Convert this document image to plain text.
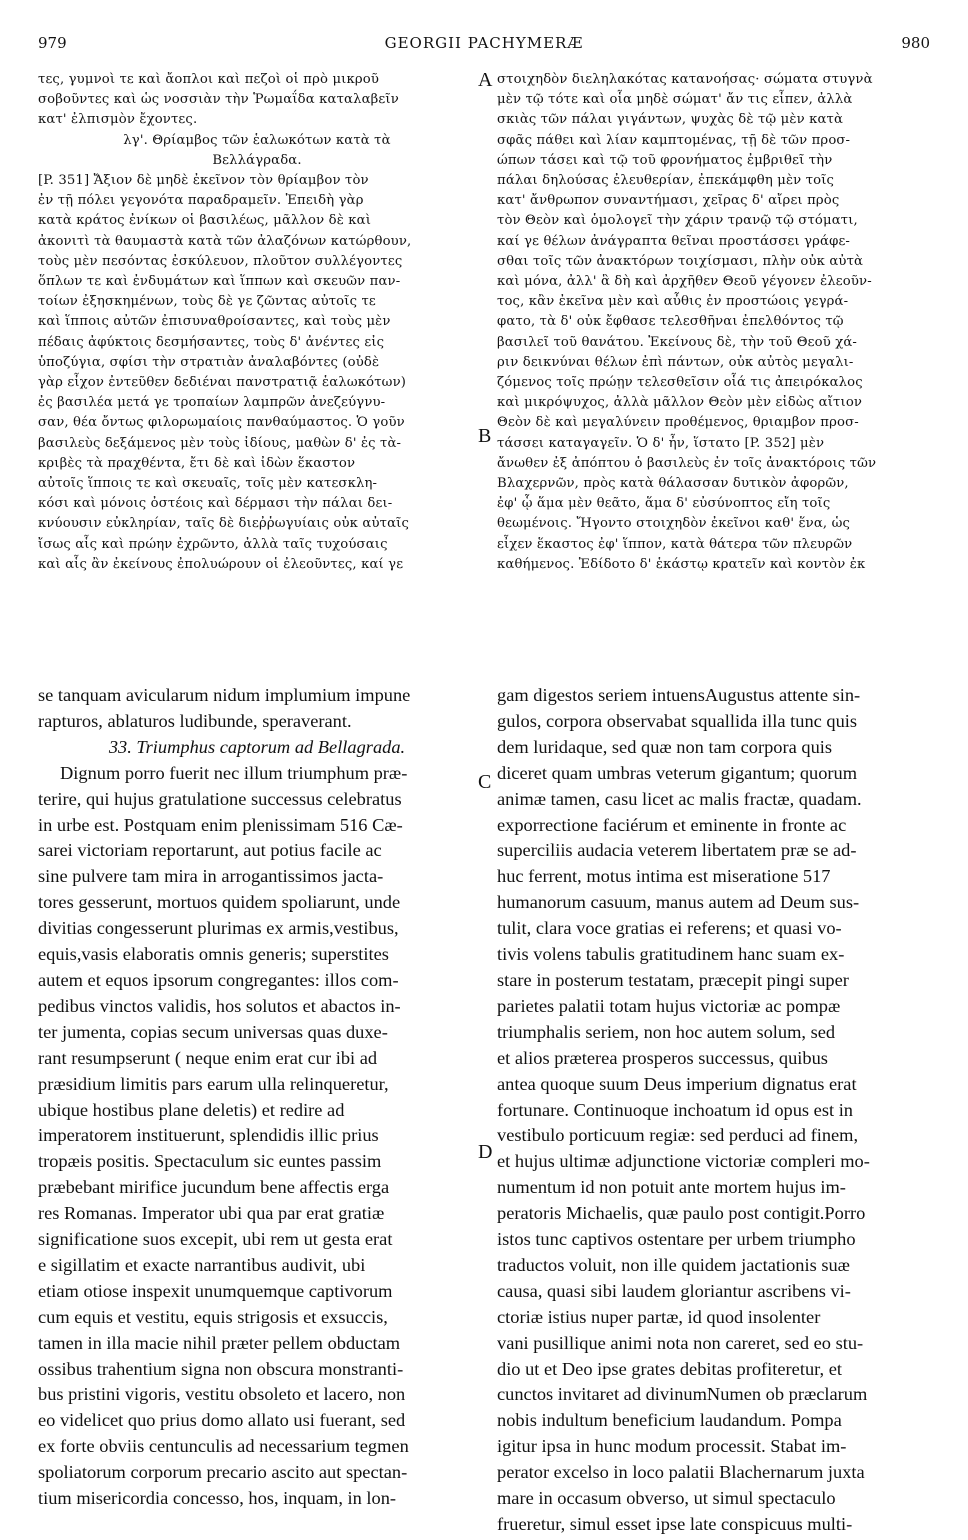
979	GEORGII PACHYMERÆ	980
τες, γυμνοὶ τε καὶ ἄοπλοι καὶ πεζοὶ οἱ πρὸ μικροῦ
σοβοῦντες καὶ ὡς νοσσιὰν τὴν Ῥωμαΐδα καταλαβεῖν
κατ' ἐλπισμὸν ἔχοντες.
λγ'. Θρίαμβος τῶν ἑαλωκότων κατὰ τὰ
Βελλάγραδα.
[P. 351] Ἄξιον δὲ μηδὲ ἐκεῖνον τὸν θρίαμβον τὸν
ἐν τῇ πόλει γεγονότα παραδραμεῖν. Ἐπειδὴ γὰρ
κατὰ κράτος ἐνίκων οἱ βασιλέως, μᾶλλον δὲ καὶ
ἀκονιτὶ τὰ θαυμαστὰ κατὰ τῶν ἀλαζόνων κατώρθουν,
τοὺς μὲν πεσόντας ἐσκύλευον, πλοῦτον συλλέγοντες
ὅπλων τε καὶ ἐνδυμάτων καὶ ἵππων καὶ σκευῶν παν-
τοίων ἐξησκημένων, τοὺς δὲ γε ζῶντας αὐτοῖς τε
καὶ ἵπποις αὐτῶν ἐπισυναθροίσαντες, καὶ τοὺς μὲν
πέδαις ἀφύκτοις δεσμήσαντες, τοὺς δ' ἀνέντες εἰς
ὑποζύγια, σφίσι τὴν στρατιὰν ἀναλαβόντες (οὐδὲ
γὰρ εἶχον ἐντεῦθεν δεδιέναι πανστρατιᾷ ἑαλωκότων)
ἐς βασιλέα μετά γε τροπαίων λαμπρῶν ἀνεζεύγνυ-
σαν, θέα ὄντως φιλορωμαίοις πανθαύμαστος. Ὁ γοῦν
βασιλεὺς δεξάμενος μὲν τοὺς ἰδίους, μαθὼν δ' ἐς τὰ-
κριβὲς τὰ πραχθέντα, ἔτι δὲ καὶ ἰδὼν ἕκαστον
αὐτοῖς ἵπποις τε καὶ σκευαῖς, τοῖς μὲν κατεσκλη-
κόσι καὶ μόνοις ὀστέοις καὶ δέρμασι τὴν πάλαι δει-
κνύουσιν εὐκληρίαν, ταῖς δὲ διεῤῥωγυίαις οὐκ αὐταῖς
ἴσως αἷς καὶ πρώην ἐχρῶντο, ἀλλὰ ταῖς τυχούσαις
καὶ αἷς ἂν ἐκείνους ἐπολυώρουν οἱ ἐλεοῦντες, καί γε
στοιχηδὸν διεληλακότας κατανοήσας· σώματα στυγνὰ
μὲν τῷ τότε καὶ οἷα μηδὲ σώματ' ἄν τις εἶπεν, ἀλλὰ
σκιὰς τῶν πάλαι γιγάντων, ψυχὰς δὲ τῷ μὲν κατὰ
σφᾶς πάθει καὶ λίαν καμπτομένας, τῇ δὲ τῶν προσ-
ώπων τάσει καὶ τῷ τοῦ φρονήματος ἐμβριθεῖ τὴν
πάλαι δηλούσας ἐλευθερίαν, ἐπεκάμφθη μὲν τοῖς
κατ' ἄνθρωπον συναντήμασι, χεῖρας δ' αἴρει πρὸς
τὸν Θεὸν καὶ ὁμολογεῖ τὴν χάριν τρανῷ τῷ στόματι,
καί γε θέλων ἀνάγραπτα θεῖναι προστάσσει γράφε-
σθαι τοῖς τῶν ἀνακτόρων τοιχίσμασι, πλὴν οὐκ αὐτὰ
καὶ μόνα, ἀλλ' ἃ δὴ καὶ ἀρχῆθεν Θεοῦ γέγονεν ἐλεοῦν-
τος, κἂν ἐκεῖνα μὲν καὶ αὖθις ἐν προστώοις γεγρά-
φατο, τὰ δ' οὐκ ἔφθασε τελεσθῆναι ἐπελθόντος τῷ
βασιλεῖ τοῦ θανάτου. Ἐκείνους δὲ, τὴν τοῦ Θεοῦ χά-
ριν δεικνύναι θέλων ἐπὶ πάντων, οὐκ αὐτὸς μεγαλι-
ζόμενος τοῖς πρώῃν τελεσθεῖσιν οἷά τις ἀπειρόκαλος
καὶ μικρόψυχος, ἀλλὰ μᾶλλον Θεὸν μὲν εἰδὼς αἴτιον
Θεὸν δὲ καὶ μεγαλύνειν προθέμενος, θριαμβον προσ-
τάσσει καταγαγεῖν. Ὁ δ' ἦν, ἵστατο [P. 352] μὲν
ἄνωθεν ἐξ ἀπόπτου ὁ βασιλεὺς ἐν τοῖς ἀνακτόροις τῶν
Βλαχερνῶν, πρὸς κατὰ θάλασσαν δυτικὸν ἀφορῶν,
ἐφ' ᾧ ἅμα μὲν θεᾶτο, ἅμα δ' εὐσύνοπτος εἴη τοῖς
θεωμένοις. Ἤγοντο στοιχηδὸν ἐκεῖνοι καθ' ἕνα, ὡς
εἶχεν ἕκαστος ἐφ' ἵππον, κατὰ θάτερα τῶν πλευρῶν
καθήμενος. Ἐδίδοτο δ' ἑκάστῳ κρατεῖν καὶ κοντὸν ἐκ
A
B
C
D
se tanquam avicularum nidum implumium impune
rapturos, ablaturos ludibunde, speraverant.
33. Triumphus captorum ad Bellagrada.
Dignum porro fuerit nec illum triumphum præ-
terire, qui hujus gratulatione successus celebratus
in urbe est. Postquam enim plenissimam 516 Cæ-
sarei victoriam reportarunt, aut potius facile ac
sine pulvere tam mira in arrogantissimos jacta-
tores gesserunt, mortuos quidem spoliarunt, unde
divitias congesserunt plurimas ex armis,vestibus,
equis,vasis elaboratis omnis generis; superstites
autem et equos ipsorum congregantes: illos com-
pedibus vinctos validis, hos solutos et abactos in-
ter jumenta, copias secum universas quas duxe-
rant resumpserunt ( neque enim erat cur ibi ad
præsidium limitis pars earum ulla relinqueretur,
ubique hostibus plane deletis) et redire ad
imperatorem instituerunt, splendidis illic prius
tropæis positis. Spectaculum sic euntes passim
præbebant mirifice jucundum bene affectis erga
res Romanas. Imperator ubi qua par erat gratiæ
significatione suos excepit, ubi rem ut gesta erat
e sigillatim et exacte narrantibus audivit, ubi
etiam otiose inspexit unumquemque captivorum
cum equis et vestitu, equis strigosis et exsuccis,
tamen in illa macie nihil præter pellem obductam
ossibus trahentium signa non obscura monstranti-
bus pristini vigoris, vestitu obsoleto et lacero, non
eo videlicet quo prius domo allato usi fuerant, sed
ex forte obviis centunculis ad necessarium tegmen
spoliatorum corporum precario ascito aut spectan-
tium misericordia concesso, hos, inquam, in lon-
gam digestos seriem intuensAugustus attente sin-
gulos, corpora observabat squallida illa tunc quis
dem luridaque, sed quæ non tam corpora quis
diceret quam umbras veterum gigantum; quorum
animæ tamen, casu licet ac malis fractæ, quadam.
exporrectione faciérum et eminente in fronte ac
superciliis audacia veterem libertatem præ se ad-
huc ferrent, motus intima est miseratione 517
humanorum casuum, manus autem ad Deum sus-
tulit, clara voce gratias ei referens; et quasi vo-
tivis volens tabulis gratitudinem hanc suam ex-
stare in posterum testatam, præcepit pingi super
parietes palatii totam hujus victoriæ ac pompæ
triumphalis seriem, non hoc autem solum, sed
et alios præterea prosperos successus, quibus
antea quoque suum Deus imperium dignatus erat
fortunare. Continuoque inchoatum id opus est in
vestibulo porticuum regiæ: sed perduci ad finem,
et hujus ultimæ adjunctione victoriæ compleri mo-
numentum id non potuit ante mortem hujus im-
peratoris Michaelis, quæ paulo post contigit.Porro
istos tunc captivos ostentare per urbem triumpho
traductos voluit, non ille quidem jactationis suæ
causa, quasi sibi laudem gloriantur ascribens vi-
ctoriæ istius nuper partæ, id quod insolenter
vani pusillique animi nota non careret, sed eo stu-
dio ut et Deo ipse grates debitas profiteretur, et
cunctos invitaret ad divinumNumen ob præclarum
nobis indultum beneficium laudandum. Pompa
igitur ipsa in hunc modum processit. Stabat im-
perator excelso in loco palatii Blachernarum juxta
mare in occasum obverso, ut simul spectaculo
frueretur, simul esset ipse late conspicuus multi-
